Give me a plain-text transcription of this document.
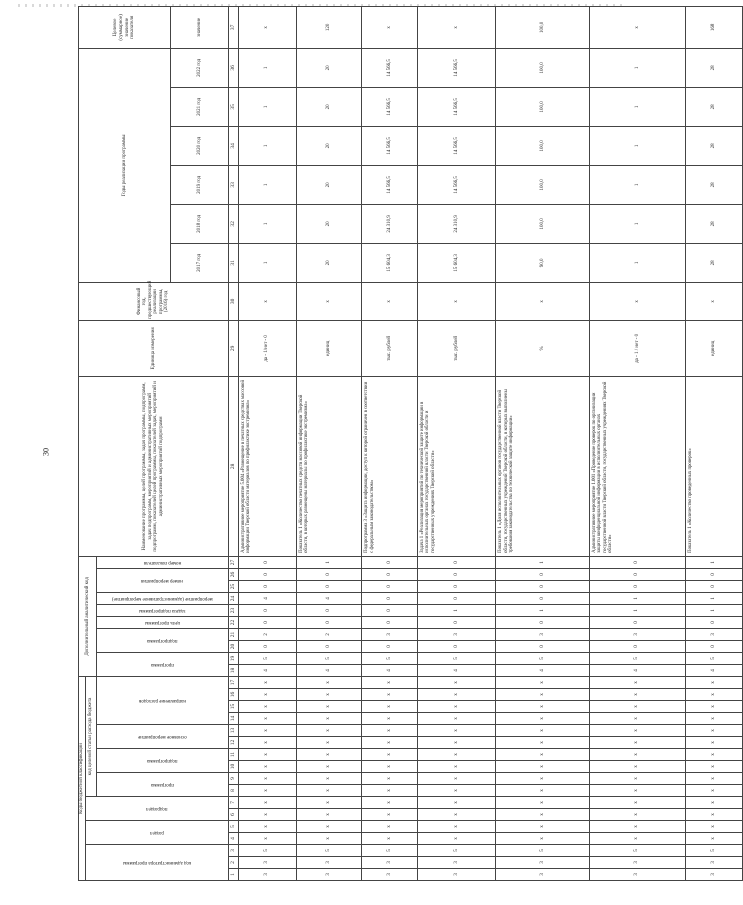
30
Коды бюджетной классификации																	Дополнительный аналитический код										Наименование программы, целей программы, задач программы, подпрограмм, задач подпрограмм, мероприятий и административных мероприятий подпрограмм, показателей целей программы, показателей задач, мероприятий и административных мероприятий подпрограмм	Единица измерения	Финансовый год, предшествующий реализации программы, (2016) год	Годы реализации программы						Целевое (суммарное) значение показателя

код администратора программы			раздел		подраздел		код целевой статьи расхода бюджета																													

							программа		подпрограмма		основное мероприятие		направление расходов				программа		подпрограмма		цель программы	задача подпрограммы	мероприятие (административное мероприятие)	номер мероприятия		номер показателя										

																														2017 год	2018 год	2019 год	2020 год	2021 год	2022 год	значение
1	2	3	4	5	6	7	8	9	10	11	12	13	14	15	16	17	18	19	20	21	22	23	24	25	26	27	28	29	30	31	32	33	34	35	36	37
3	3	5	x	x	x	x	x	x	x	x	x	x	x	x	x	x	4	5	0	2	0	0	4	0	0	0	Административное мероприятие 5.004 «Размещение в печатных средствах массовой информации Тверской области материалов по профилактике экстремизма»	да - 1/нет - 0	x	1	1	1	1	1	1	x
3	3	5	x	x	x	x	x	x	x	x	x	x	x	x	x	x	4	5	0	2	0	0	4	0	0	1	Показатель 1 «Количество печатных средств массовой информации Тверской области, в которых размещены материалы по профилактике экстремизма»	единиц	x	20	20	20	20	20	20	120
3	3	5	x	x	x	x	x	x	x	x	x	x	x	x	x	x	4	5	0	3	0	0	0	0	0	0	Подпрограмма 3 «Защита информации, доступ к которой ограничен в соответствии с федеральным законодательством»	тыс. рублей	x	15 604,3	24 310,9	14 566,5	14 566,5	14 566,5	14 566,5	x
3	3	5	x	x	x	x	x	x	x	x	x	x	x	x	x	x	4	5	0	3	0	1	0	0	0	0	Задача 1 «Реализация мероприятий по технической защите информации в исполнительных органах государственной власти Тверской области и государственных учреждениях Тверской области»	тыс. рублей	x	15 604,3	24 310,9	14 566,5	14 566,5	14 566,5	14 566,5	x
3	3	5	x	x	x	x	x	x	x	x	x	x	x	x	x	x	4	5	0	3	0	1	0	0	0	1	Показатель 1 «Доля исполнительных органов государственной власти Тверской области, государственных учреждений Тверской области, в которых выполнены требования законодательства по технической защите информации»	%	x	90,0	100,0	100,0	100,0	100,0	100,0	100,0
3	3	5	x	x	x	x	x	x	x	x	x	x	x	x	x	x	4	5	0	3	0	1	1	0	0	0	Административное мероприятие 1.001 «Проведение проверок по организации защиты конфиденциальной информации в исполнительных органах государственной власти Тверской области, государственных учреждениях Тверской области»	да - 1 / нет - 0	x	1	1	1	1	1	1	x
3	3	5	x	x	x	x	x	x	x	x	x	x	x	x	x	x	4	5	0	3	0	1	1	0	0	1	Показатель 1 «Количество проведенных проверок»	единиц	x	28	28	28	28	28	28	168
